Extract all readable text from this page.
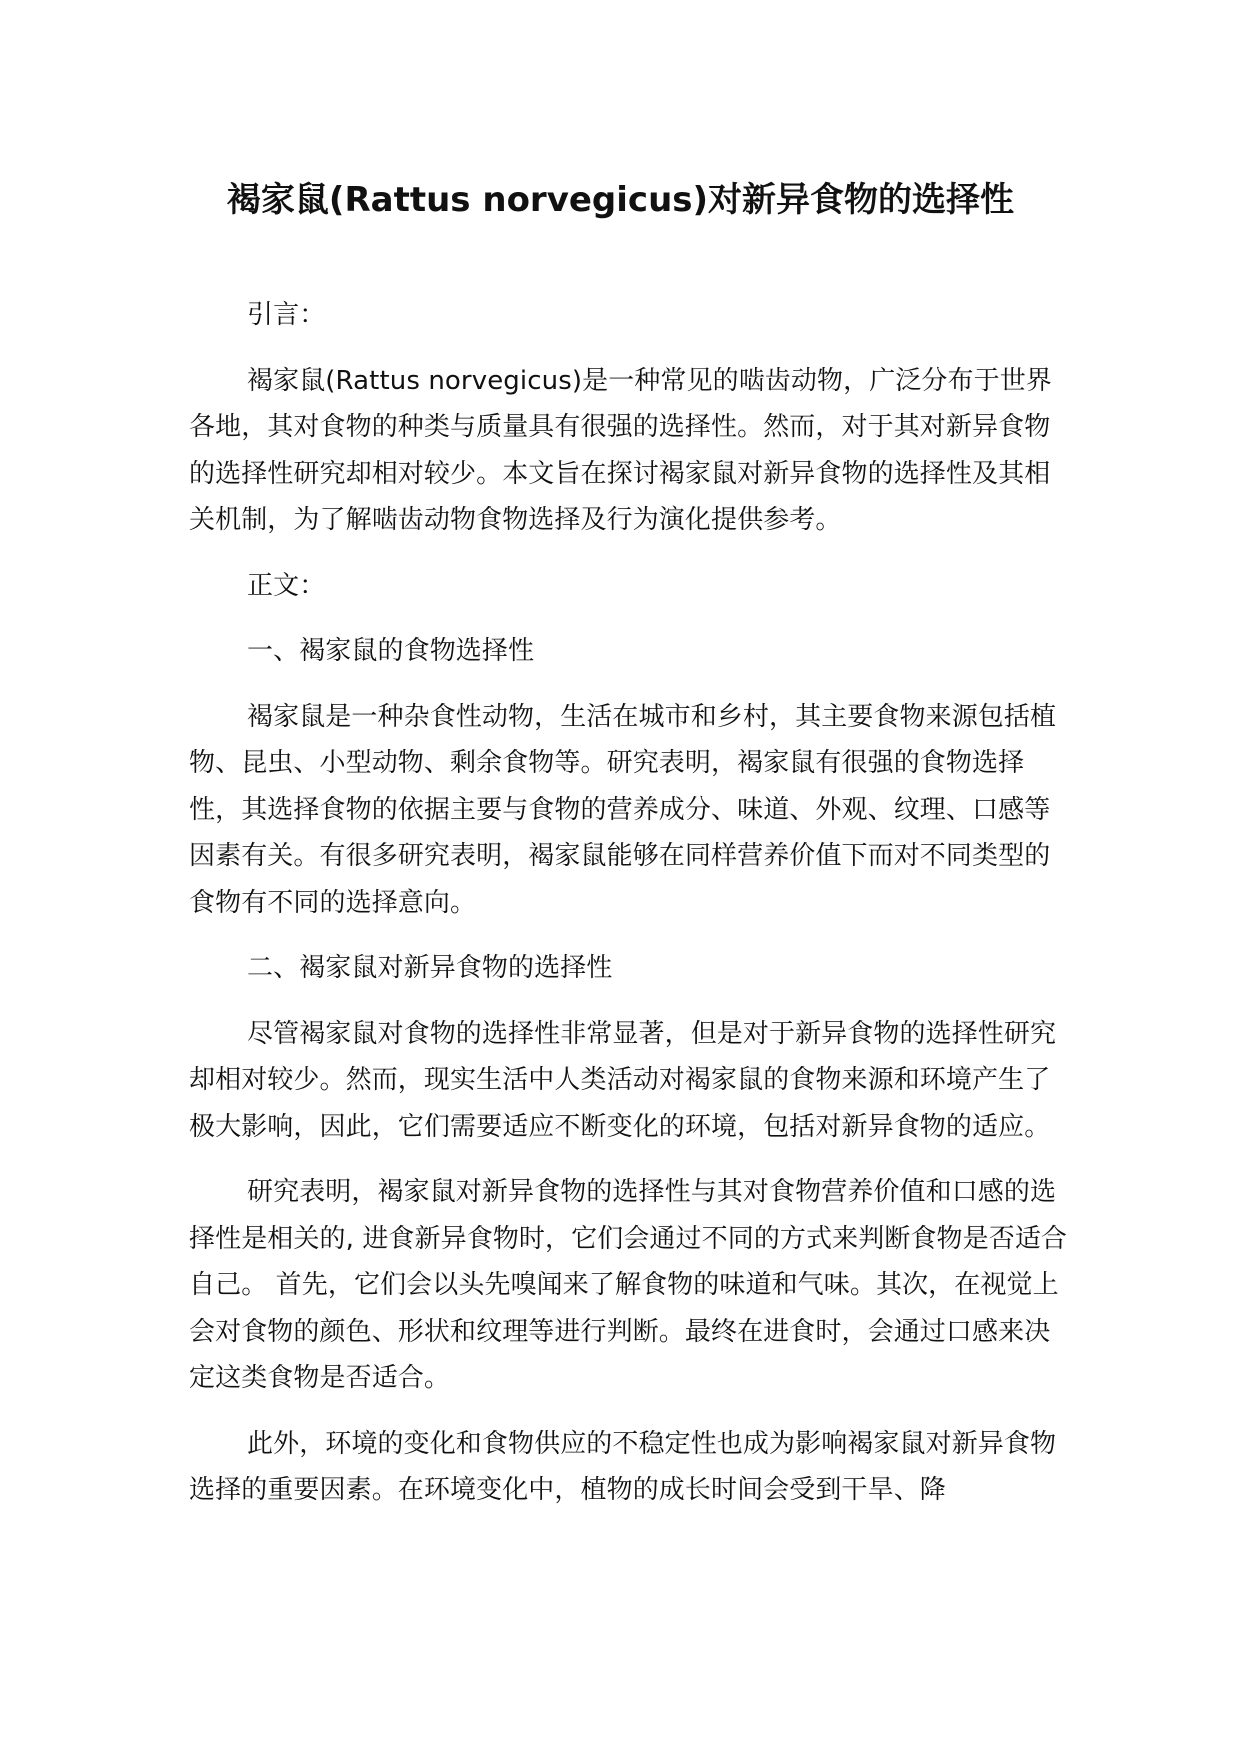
褐家鼠(Rattus norvegicus)对新异食物的选择性

引言：

褐家鼠(Rattus norvegicus)是一种常见的啮齿动物，广泛分布于世界各地，其对食物的种类与质量具有很强的选择性。然而，对于其对新异食物的选择性研究却相对较少。本文旨在探讨褐家鼠对新异食物的选择性及其相关机制，为了解啮齿动物食物选择及行为演化提供参考。

正文：

一、褐家鼠的食物选择性

褐家鼠是一种杂食性动物，生活在城市和乡村，其主要食物来源包括植物、昆虫、小型动物、剩余食物等。研究表明，褐家鼠有很强的食物选择性，其选择食物的依据主要与食物的营养成分、味道、外观、纹理、口感等因素有关。有很多研究表明，褐家鼠能够在同样营养价值下而对不同类型的食物有不同的选择意向。

二、褐家鼠对新异食物的选择性

尽管褐家鼠对食物的选择性非常显著，但是对于新异食物的选择性研究却相对较少。然而，现实生活中人类活动对褐家鼠的食物来源和环境产生了极大影响，因此，它们需要适应不断变化的环境，包括对新异食物的适应。

研究表明，褐家鼠对新异食物的选择性与其对食物营养价值和口感的选择性是相关的, 进食新异食物时，它们会通过不同的方式来判断食物是否适合自己。 首先，它们会以头先嗅闻来了解食物的味道和气味。其次，在视觉上会对食物的颜色、形状和纹理等进行判断。最终在进食时，会通过口感来决定这类食物是否适合。

此外，环境的变化和食物供应的不稳定性也成为影响褐家鼠对新异食物选择的重要因素。在环境变化中，植物的成长时间会受到干旱、降
